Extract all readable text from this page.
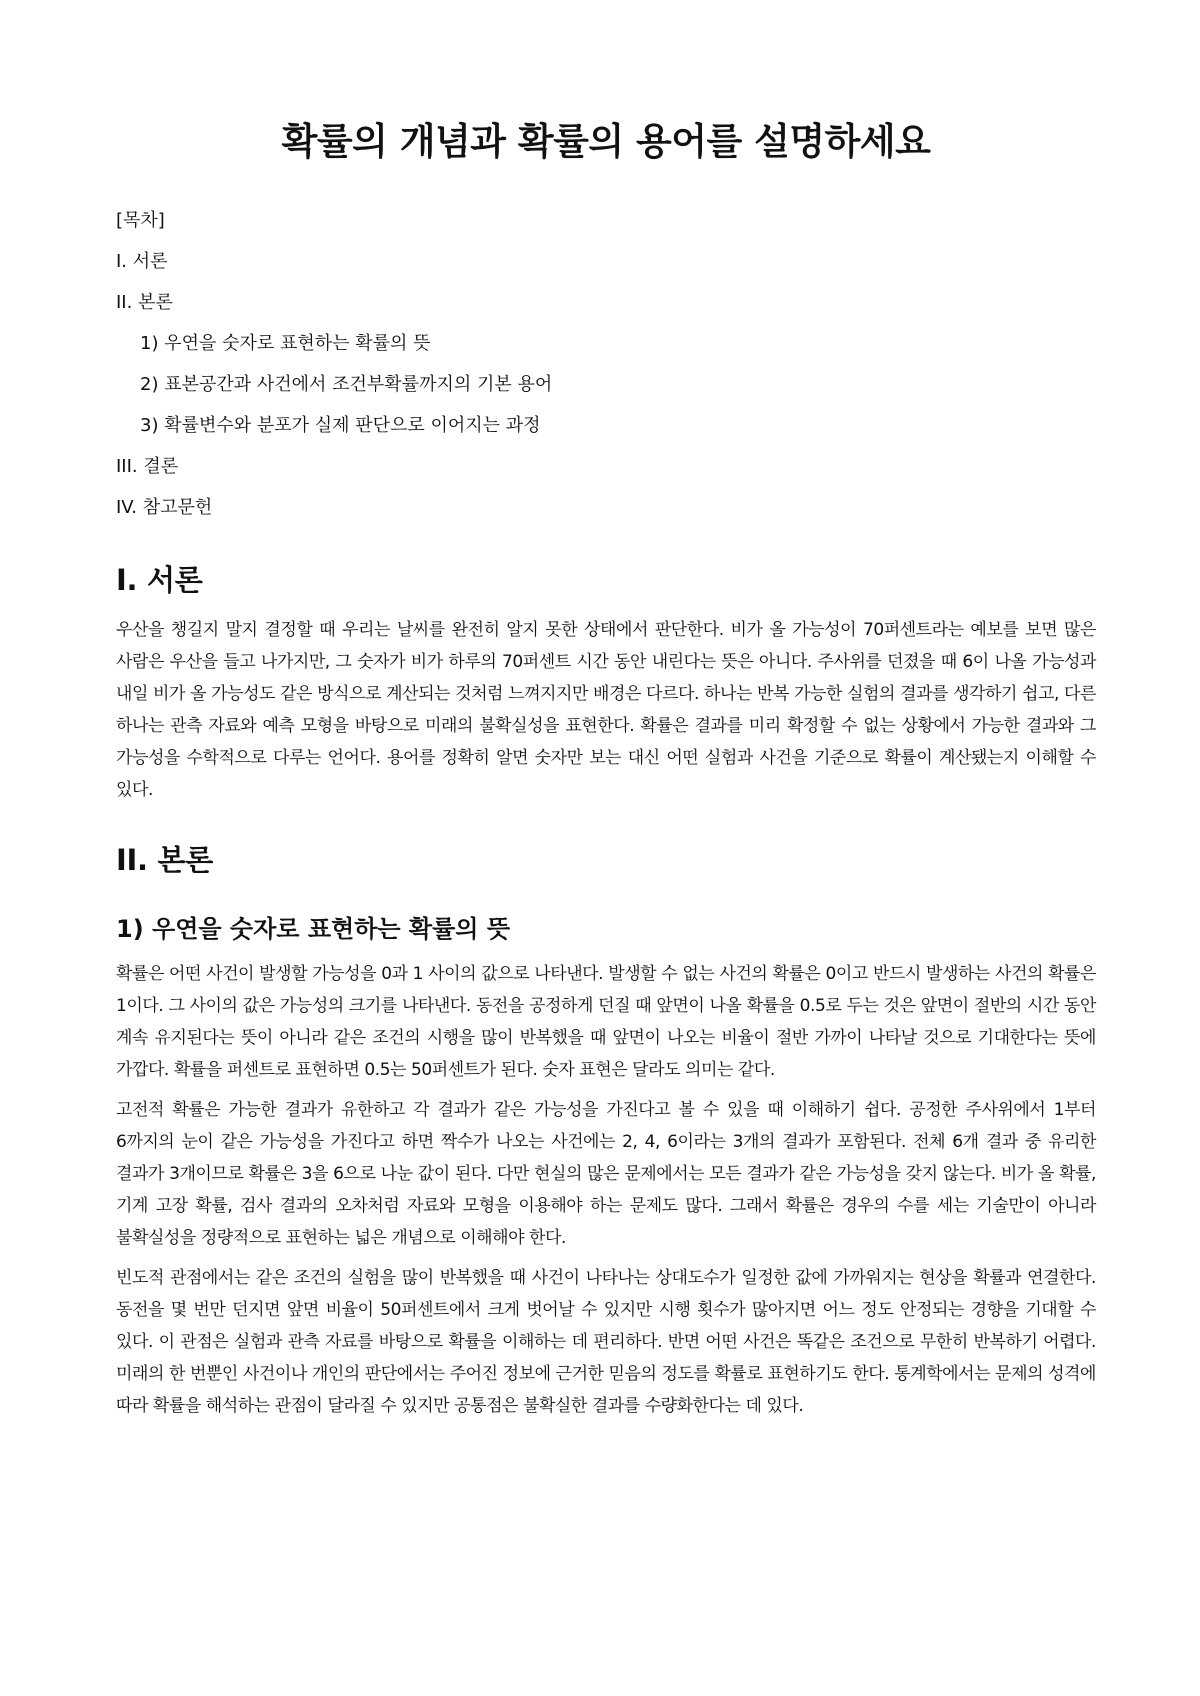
확률의 개념과 확률의 용어를 설명하세요
[목차]
I. 서론
II. 본론
1) 우연을 숫자로 표현하는 확률의 뜻
2) 표본공간과 사건에서 조건부확률까지의 기본 용어
3) 확률변수와 분포가 실제 판단으로 이어지는 과정
III. 결론
IV. 참고문헌
I. 서론

우산을 챙길지 말지 결정할 때 우리는 날씨를 완전히 알지 못한 상태에서 판단한다. 비가 올 가능성이 70퍼센트라는 예보를 보면 많은 사람은 우산을 들고 나가지만, 그 숫자가 비가 하루의 70퍼센트 시간 동안 내린다는 뜻은 아니다. 주사위를 던졌을 때 6이 나올 가능성과 내일 비가 올 가능성도 같은 방식으로 계산되는 것처럼 느껴지지만 배경은 다르다. 하나는 반복 가능한 실험의 결과를 생각하기 쉽고, 다른 하나는 관측 자료와 예측 모형을 바탕으로 미래의 불확실성을 표현한다. 확률은 결과를 미리 확정할 수 없는 상황에서 가능한 결과와 그 가능성을 수학적으로 다루는 언어다. 용어를 정확히 알면 숫자만 보는 대신 어떤 실험과 사건을 기준으로 확률이 계산됐는지 이해할 수 있다.

II. 본론
1) 우연을 숫자로 표현하는 확률의 뜻

확률은 어떤 사건이 발생할 가능성을 0과 1 사이의 값으로 나타낸다. 발생할 수 없는 사건의 확률은 0이고 반드시 발생하는 사건의 확률은 1이다. 그 사이의 값은 가능성의 크기를 나타낸다. 동전을 공정하게 던질 때 앞면이 나올 확률을 0.5로 두는 것은 앞면이 절반의 시간 동안 계속 유지된다는 뜻이 아니라 같은 조건의 시행을 많이 반복했을 때 앞면이 나오는 비율이 절반 가까이 나타날 것으로 기대한다는 뜻에 가깝다. 확률을 퍼센트로 표현하면 0.5는 50퍼센트가 된다. 숫자 표현은 달라도 의미는 같다.

고전적 확률은 가능한 결과가 유한하고 각 결과가 같은 가능성을 가진다고 볼 수 있을 때 이해하기 쉽다. 공정한 주사위에서 1부터 6까지의 눈이 같은 가능성을 가진다고 하면 짝수가 나오는 사건에는 2, 4, 6이라는 3개의 결과가 포함된다. 전체 6개 결과 중 유리한 결과가 3개이므로 확률은 3을 6으로 나눈 값이 된다. 다만 현실의 많은 문제에서는 모든 결과가 같은 가능성을 갖지 않는다. 비가 올 확률, 기계 고장 확률, 검사 결과의 오차처럼 자료와 모형을 이용해야 하는 문제도 많다. 그래서 확률은 경우의 수를 세는 기술만이 아니라 불확실성을 정량적으로 표현하는 넓은 개념으로 이해해야 한다.

빈도적 관점에서는 같은 조건의 실험을 많이 반복했을 때 사건이 나타나는 상대도수가 일정한 값에 가까워지는 현상을 확률과 연결한다. 동전을 몇 번만 던지면 앞면 비율이 50퍼센트에서 크게 벗어날 수 있지만 시행 횟수가 많아지면 어느 정도 안정되는 경향을 기대할 수 있다. 이 관점은 실험과 관측 자료를 바탕으로 확률을 이해하는 데 편리하다. 반면 어떤 사건은 똑같은 조건으로 무한히 반복하기 어렵다. 미래의 한 번뿐인 사건이나 개인의 판단에서는 주어진 정보에 근거한 믿음의 정도를 확률로 표현하기도 한다. 통계학에서는 문제의 성격에 따라 확률을 해석하는 관점이 달라질 수 있지만 공통점은 불확실한 결과를 수량화한다는 데 있다.
